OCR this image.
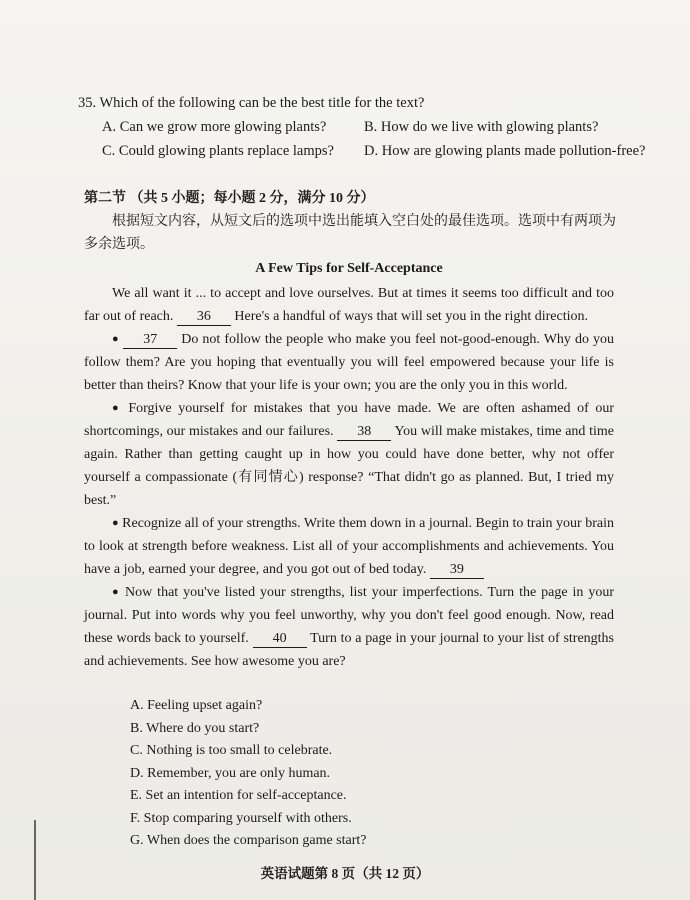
35. Which of the following can be the best title for the text?

A. Can we grow more glowing plants?	B. How do we live with glowing plants?
C. Could glowing plants replace lamps?	D. How are glowing plants made pollution-free?

第二节 （共 5 小题；每小题 2 分，满分 10 分）

根据短文内容，从短文后的选项中选出能填入空白处的最佳选项。选项中有两项为多余选项。

A Few Tips for Self-Acceptance

We all want it ... to accept and love ourselves. But at times it seems too difficult and too far out of reach. 36 Here's a handful of ways that will set you in the right direction.

● 37 Do not follow the people who make you feel not-good-enough. Why do you follow them? Are you hoping that eventually you will feel empowered because your life is better than theirs? Know that your life is your own; you are the only you in this world.

● Forgive yourself for mistakes that you have made. We are often ashamed of our shortcomings, our mistakes and our failures. 38 You will make mistakes, time and time again. Rather than getting caught up in how you could have done better, why not offer yourself a compassionate (有同情心) response? “That didn't go as planned. But, I tried my best.”

● Recognize all of your strengths. Write them down in a journal. Begin to train your brain to look at strength before weakness. List all of your accomplishments and achievements. You have a job, earned your degree, and you got out of bed today. 39

● Now that you've listed your strengths, list your imperfections. Turn the page in your journal. Put into words why you feel unworthy, why you don't feel good enough. Now, read these words back to yourself. 40 Turn to a page in your journal to your list of strengths and achievements. See how awesome you are?

A. Feeling upset again?

B. Where do you start?

C. Nothing is too small to celebrate.

D. Remember, you are only human.

E. Set an intention for self-acceptance.

F. Stop comparing yourself with others.

G. When does the comparison game start?

英语试题第 8 页（共 12 页）
